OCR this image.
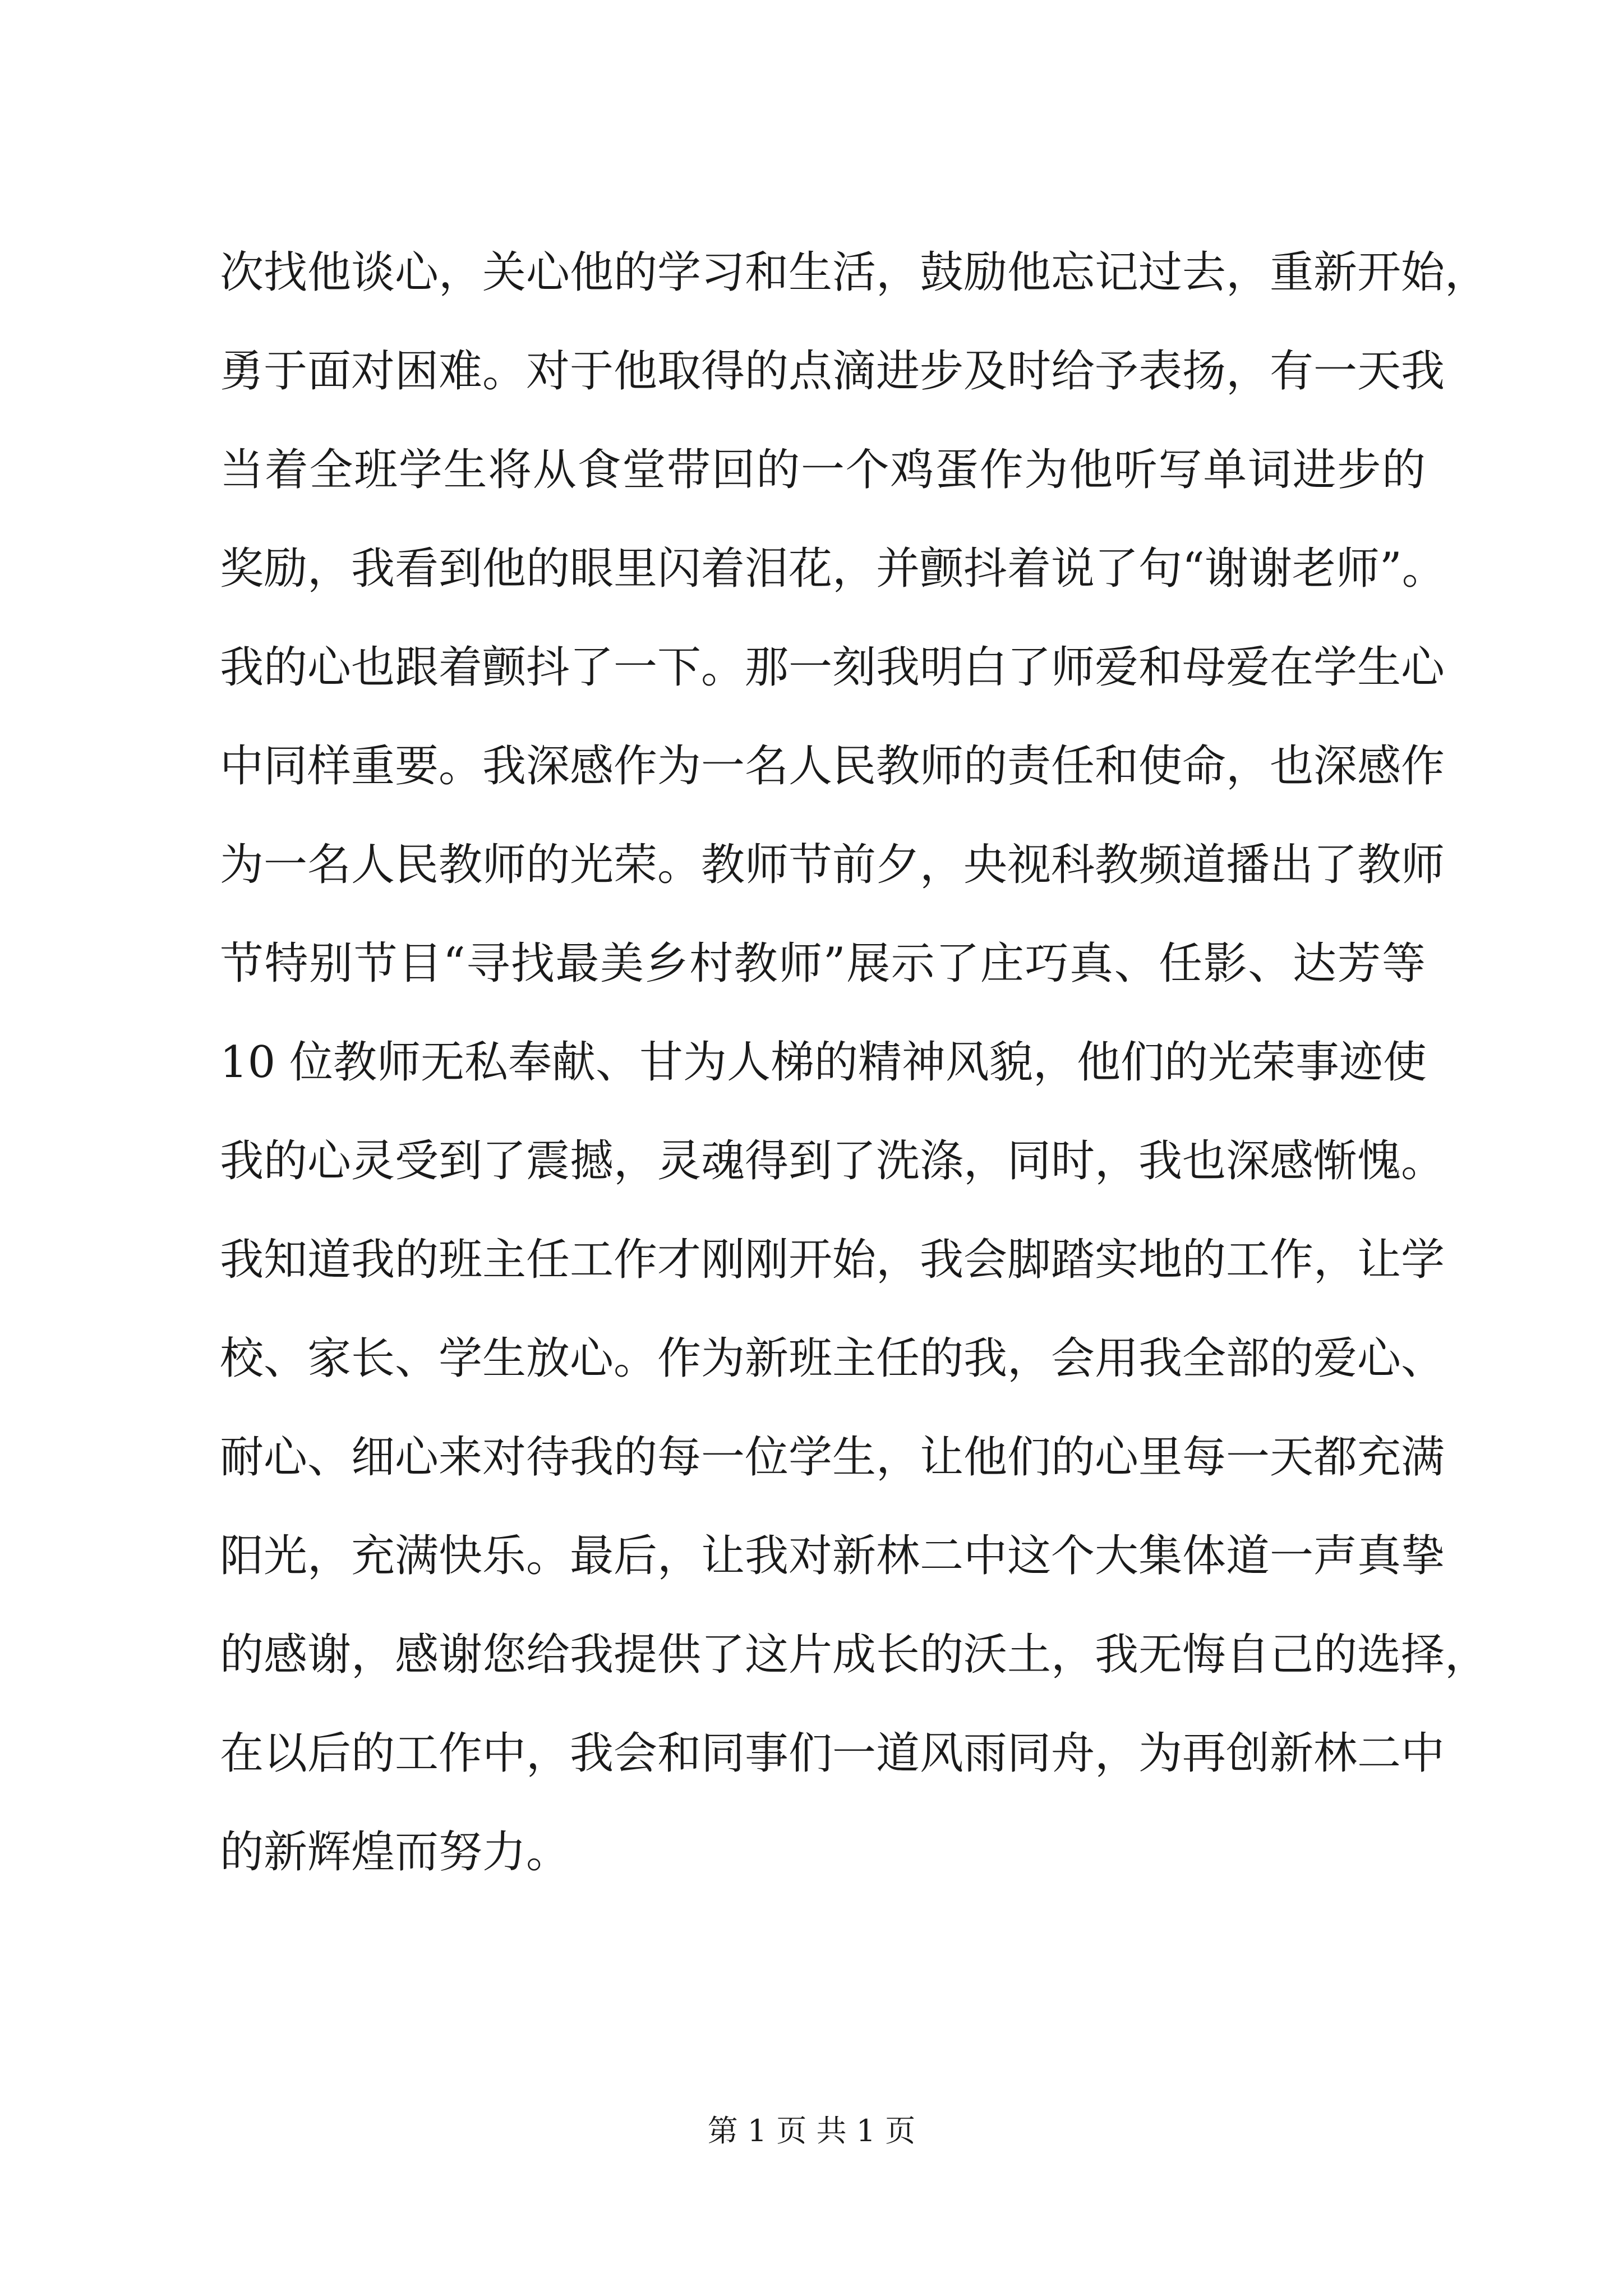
次找他谈心，关心他的学习和生活，鼓励他忘记过去，重新开始，
勇于面对困难。对于他取得的点滴进步及时给予表扬，有一天我
当着全班学生将从食堂带回的一个鸡蛋作为他听写单词进步的
奖励，我看到他的眼里闪着泪花，并颤抖着说了句“谢谢老师”。
我的心也跟着颤抖了一下。那一刻我明白了师爱和母爱在学生心
中同样重要。我深感作为一名人民教师的责任和使命，也深感作
为一名人民教师的光荣。教师节前夕，央视科教频道播出了教师
节特别节目“寻找最美乡村教师”展示了庄巧真、任影、达芳等
10 位教师无私奉献、甘为人梯的精神风貌，他们的光荣事迹使
我的心灵受到了震撼，灵魂得到了洗涤，同时，我也深感惭愧。
我知道我的班主任工作才刚刚开始，我会脚踏实地的工作，让学
校、家长、学生放心。作为新班主任的我，会用我全部的爱心、
耐心、细心来对待我的每一位学生，让他们的心里每一天都充满
阳光，充满快乐。最后，让我对新林二中这个大集体道一声真挚
的感谢，感谢您给我提供了这片成长的沃土，我无悔自己的选择，
在以后的工作中，我会和同事们一道风雨同舟，为再创新林二中
的新辉煌而努力。
第 1 页 共 1 页
